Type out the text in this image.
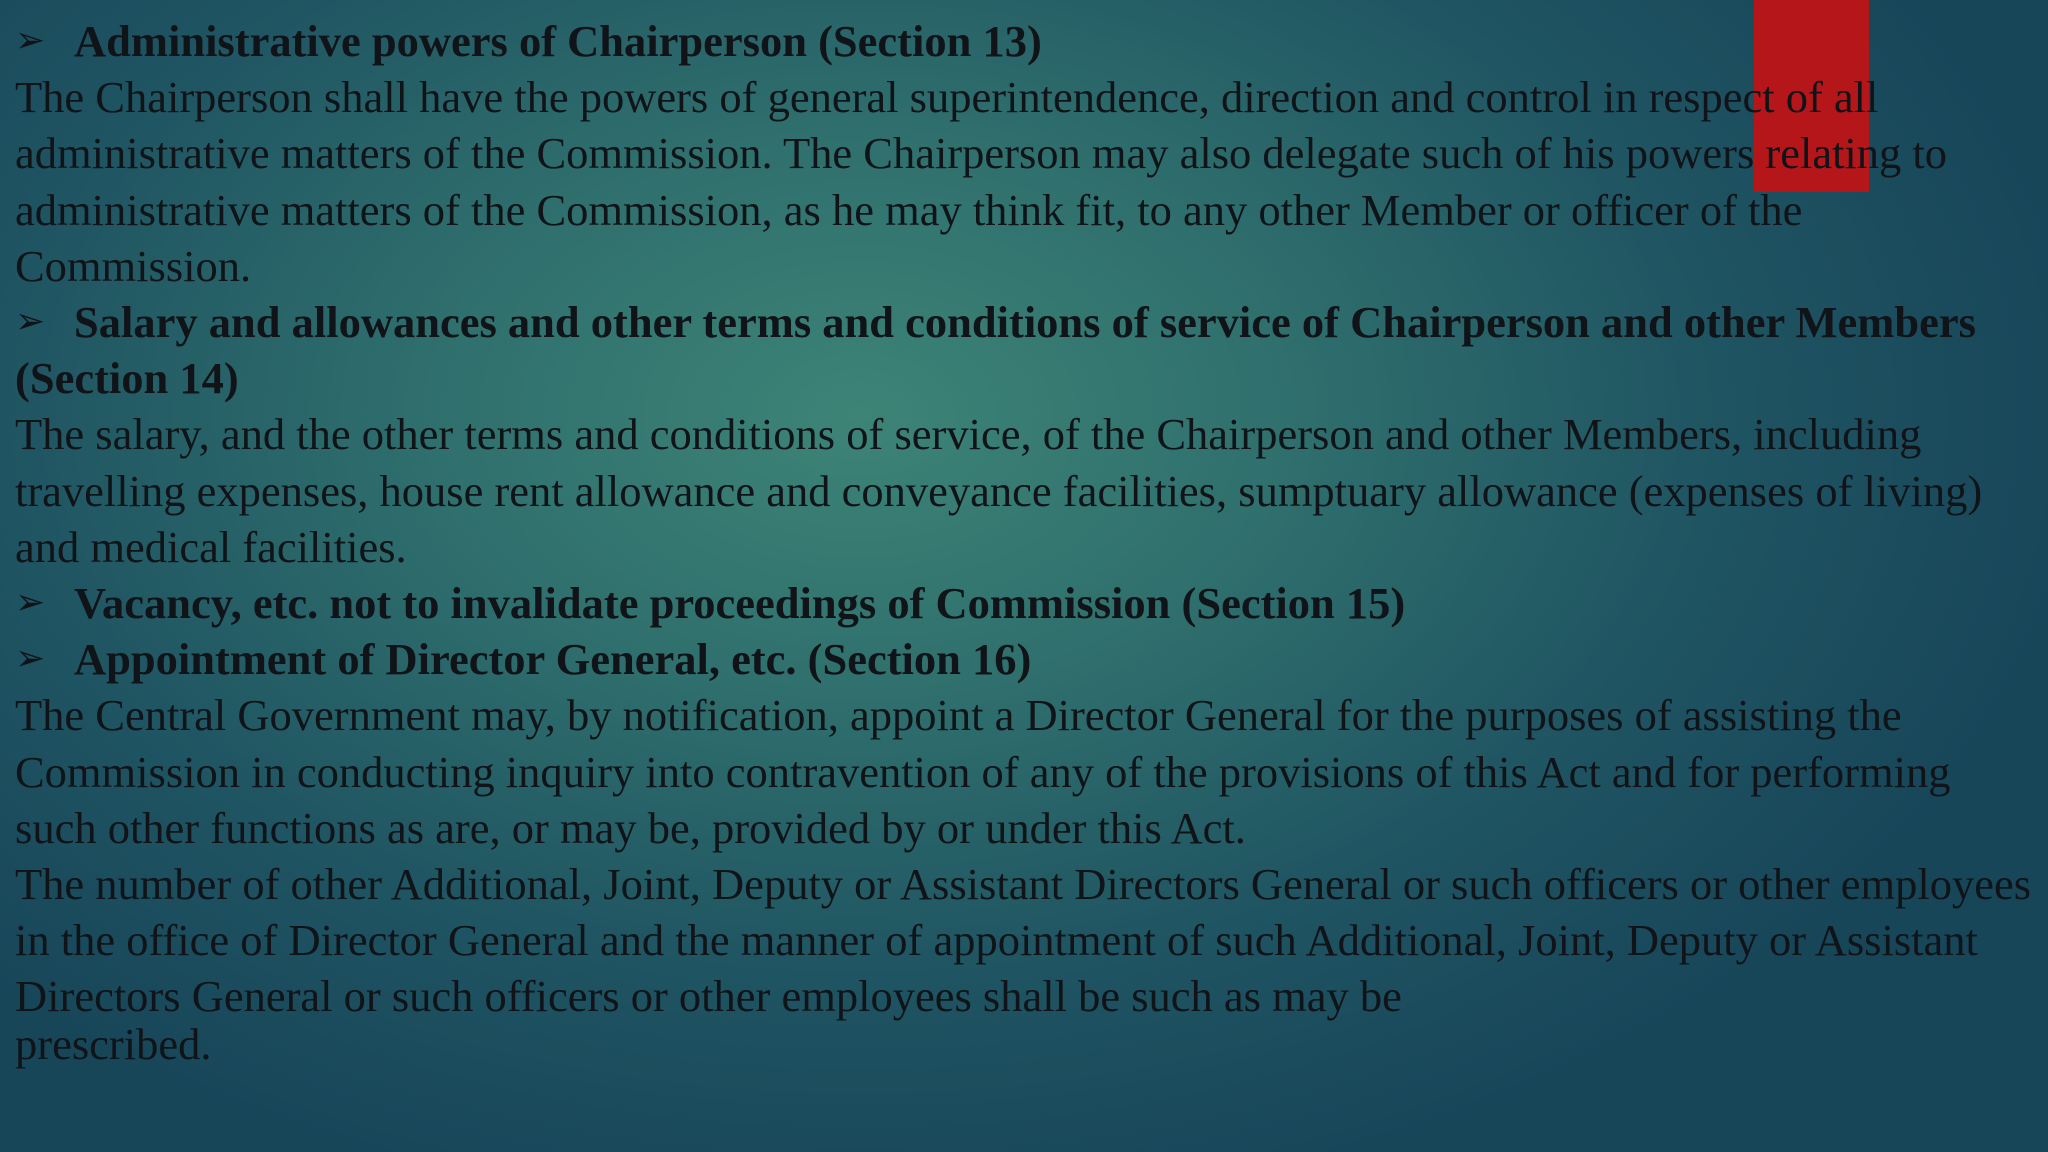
➢ Administrative powers of Chairperson (Section 13)
The Chairperson shall have the powers of general superintendence, direction and control in respect of all administrative matters of the Commission. The Chairperson may also delegate such of his powers relating to administrative matters of the Commission, as he may think fit, to any other Member or officer of the Commission.
➢ Salary and allowances and other terms and conditions of service of Chairperson and other Members
(Section 14)
The salary, and the other terms and conditions of service, of the Chairperson and other Members, including travelling expenses, house rent allowance and conveyance facilities, sumptuary allowance (expenses of living) and medical facilities.
➢ Vacancy, etc. not to invalidate proceedings of Commission (Section 15)
➢ Appointment of Director General, etc. (Section 16)
The Central Government may, by notification, appoint a Director General for the purposes of assisting the Commission in conducting inquiry into contravention of any of the provisions of this Act and for performing such other functions as are, or may be, provided by or under this Act.
The number of other Additional, Joint, Deputy or Assistant Directors General or such officers or other employees in the office of Director General and the manner of appointment of such Additional, Joint, Deputy or Assistant Directors General or such officers or other employees shall be such as may be
prescribed.
